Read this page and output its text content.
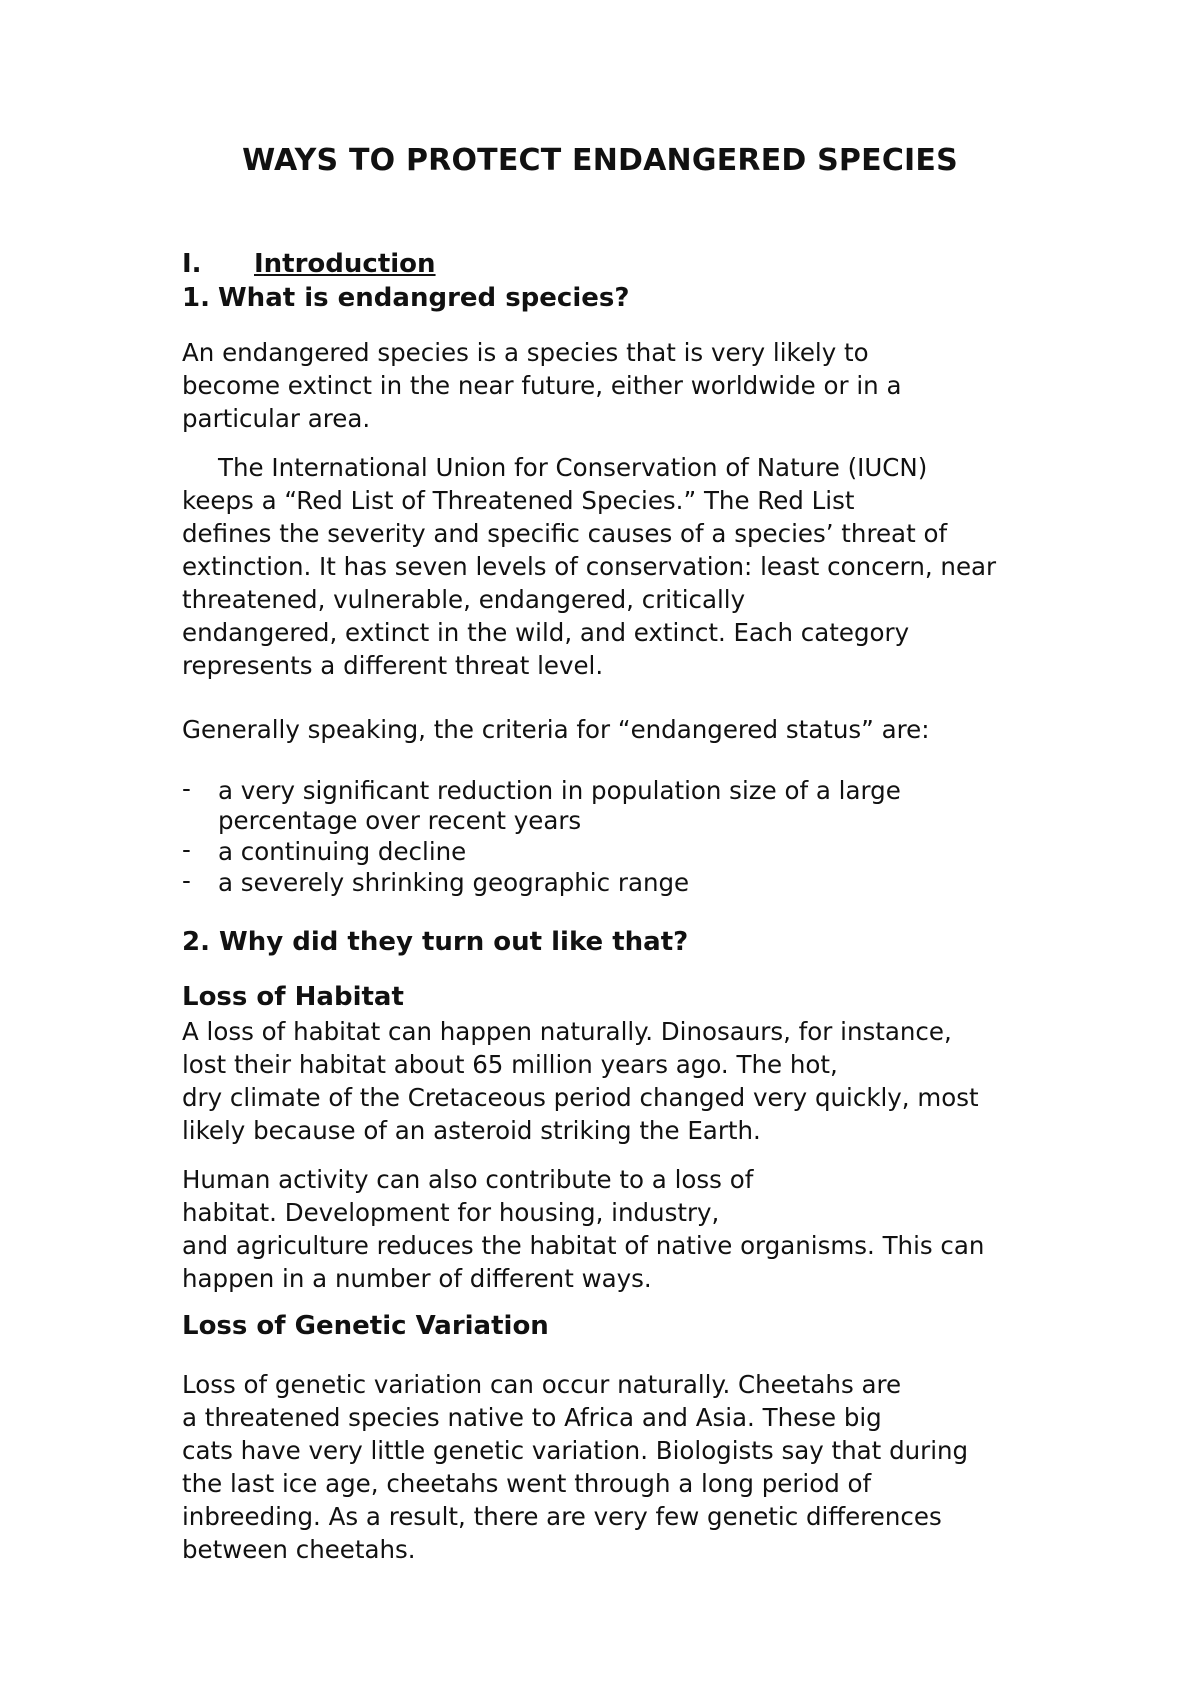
WAYS TO PROTECT ENDANGERED SPECIES
I. Introduction
1. What is endangred species?
An endangered species is a species that is very likely to
become extinct in the near future, either worldwide or in a
particular area.
The International Union for Conservation of Nature (IUCN)
keeps a “Red List of Threatened Species.” The Red List
defines the severity and specific causes of a species’ threat of
extinction. It has seven levels of conservation: least concern, near
threatened, vulnerable, endangered, critically
endangered, extinct in the wild, and extinct. Each category
represents a different threat level.
Generally speaking, the criteria for “endangered status” are:
- a very significant reduction in population size of a large
percentage over recent years
- a continuing decline
- a severely shrinking geographic range
2. Why did they turn out like that?
Loss of Habitat
A loss of habitat can happen naturally. Dinosaurs, for instance,
lost their habitat about 65 million years ago. The hot,
dry climate of the Cretaceous period changed very quickly, most
likely because of an asteroid striking the Earth.
Human activity can also contribute to a loss of
habitat. Development for housing, industry,
and agriculture reduces the habitat of native organisms. This can
happen in a number of different ways.
Loss of Genetic Variation
Loss of genetic variation can occur naturally. Cheetahs are
a threatened species native to Africa and Asia. These big
cats have very little genetic variation. Biologists say that during
the last ice age, cheetahs went through a long period of
inbreeding. As a result, there are very few genetic differences
between cheetahs.
